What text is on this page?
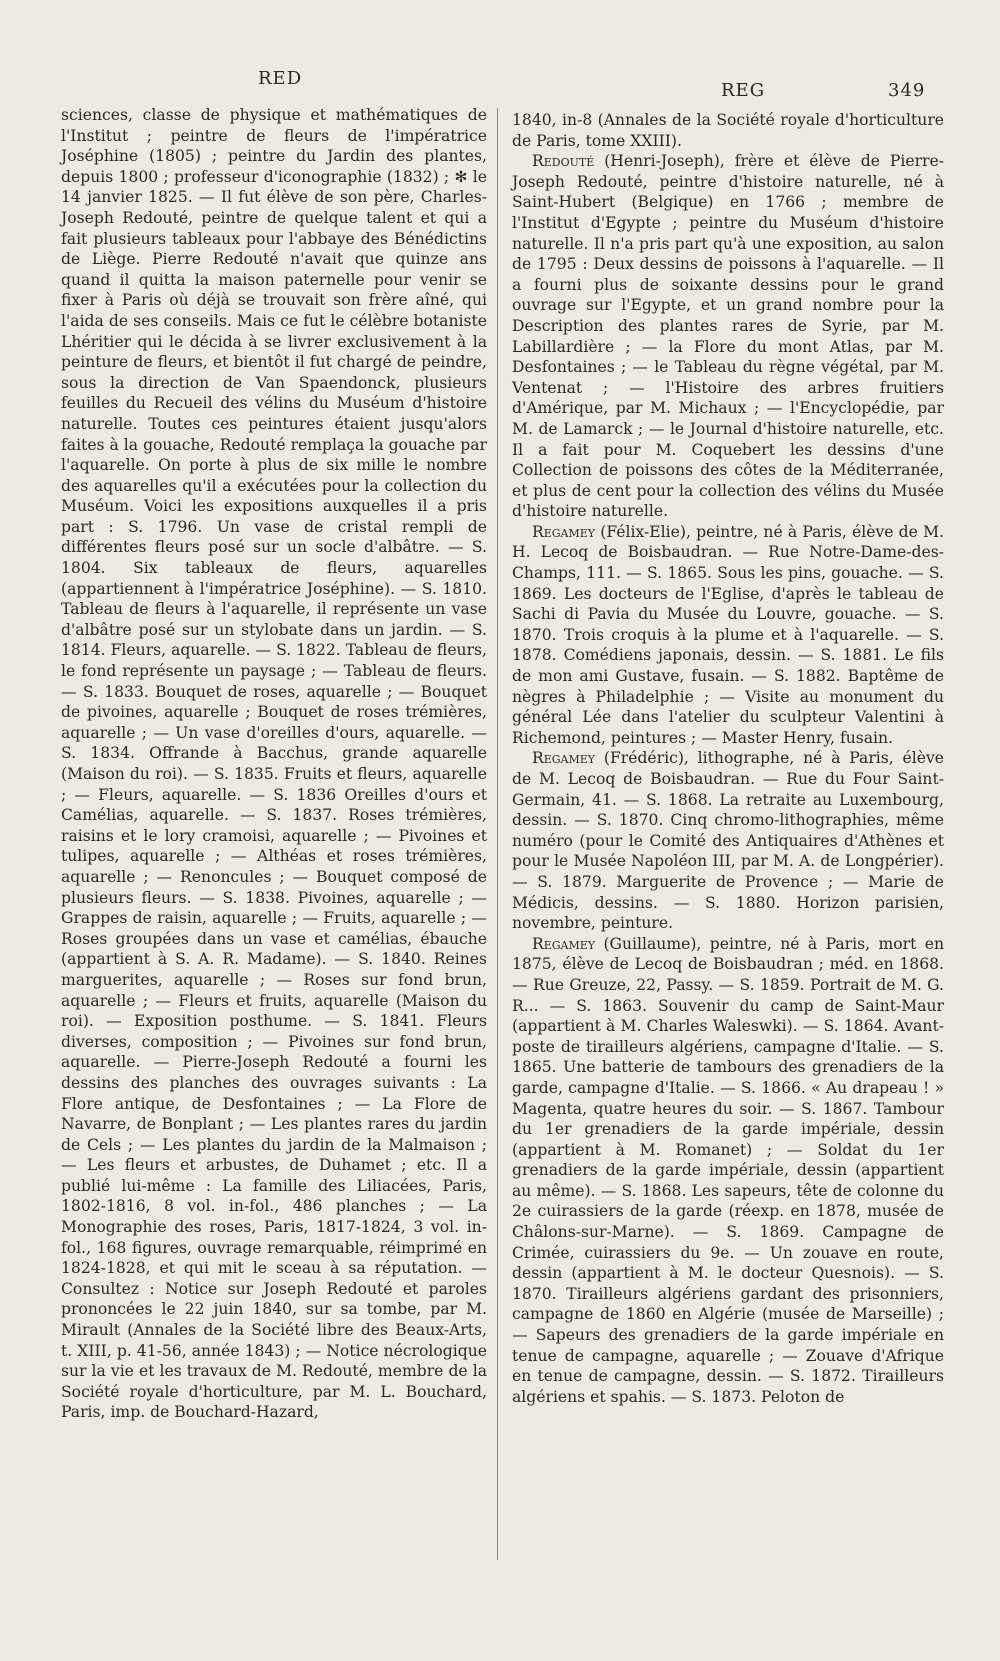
RED
REG	349

sciences, classe de physique et mathématiques de l'Institut ; peintre de fleurs de l'impératrice Joséphine (1805) ; peintre du Jardin des plantes, depuis 1800 ; professeur d'iconographie (1832) ; ✻ le 14 janvier 1825. — Il fut élève de son père, Charles-Joseph Redouté, peintre de quelque talent et qui a fait plusieurs tableaux pour l'abbaye des Bénédictins de Liège. Pierre Redouté n'avait que quinze ans quand il quitta la maison paternelle pour venir se fixer à Paris où déjà se trouvait son frère aîné, qui l'aida de ses conseils. Mais ce fut le célèbre botaniste Lhéritier qui le décida à se livrer exclusivement à la peinture de fleurs, et bientôt il fut chargé de peindre, sous la direction de Van Spaendonck, plusieurs feuilles du Recueil des vélins du Muséum d'histoire naturelle. Toutes ces peintures étaient jusqu'alors faites à la gouache, Redouté remplaça la gouache par l'aquarelle. On porte à plus de six mille le nombre des aquarelles qu'il a exécutées pour la collection du Muséum. Voici les expositions auxquelles il a pris part : S. 1796. Un vase de cristal rempli de différentes fleurs posé sur un socle d'albâtre. — S. 1804. Six tableaux de fleurs, aquarelles (appartiennent à l'impératrice Joséphine). — S. 1810. Tableau de fleurs à l'aquarelle, il représente un vase d'albâtre posé sur un stylobate dans un jardin. — S. 1814. Fleurs, aquarelle. — S. 1822. Tableau de fleurs, le fond représente un paysage ; — Tableau de fleurs. — S. 1833. Bouquet de roses, aquarelle ; — Bouquet de pivoines, aquarelle ; Bouquet de roses trémières, aquarelle ; — Un vase d'oreilles d'ours, aquarelle. — S. 1834. Offrande à Bacchus, grande aquarelle (Maison du roi). — S. 1835. Fruits et fleurs, aquarelle ; — Fleurs, aquarelle. — S. 1836 Oreilles d'ours et Camélias, aquarelle. — S. 1837. Roses trémières, raisins et le lory cramoisi, aquarelle ; — Pivoines et tulipes, aquarelle ; — Althéas et roses trémières, aquarelle ; — Renoncules ; — Bouquet composé de plusieurs fleurs. — S. 1838. Pivoines, aquarelle ; — Grappes de raisin, aquarelle ; — Fruits, aquarelle ; — Roses groupées dans un vase et camélias, ébauche (appartient à S. A. R. Madame). — S. 1840. Reines marguerites, aquarelle ; — Roses sur fond brun, aquarelle ; — Fleurs et fruits, aquarelle (Maison du roi). — Exposition posthume. — S. 1841. Fleurs diverses, composition ; — Pivoines sur fond brun, aquarelle. — Pierre-Joseph Redouté a fourni les dessins des planches des ouvrages suivants : La Flore antique, de Desfontaines ; — La Flore de Navarre, de Bonplant ; — Les plantes rares du jardin de Cels ; — Les plantes du jardin de la Malmaison ; — Les fleurs et arbustes, de Duhamet ; etc. Il a publié lui-même : La famille des Liliacées, Paris, 1802-1816, 8 vol. in-fol., 486 planches ; — La Monographie des roses, Paris, 1817-1824, 3 vol. in-fol., 168 figures, ouvrage remarquable, réimprimé en 1824-1828, et qui mit le sceau à sa réputation. — Consultez : Notice sur Joseph Redouté et paroles prononcées le 22 juin 1840, sur sa tombe, par M. Mirault (Annales de la Société libre des Beaux-Arts, t. XIII, p. 41-56, année 1843) ; — Notice nécrologique sur la vie et les travaux de M. Redouté, membre de la Société royale d'horticulture, par M. L. Bouchard, Paris, imp. de Bouchard-Hazard,

1840, in-8 (Annales de la Société royale d'horticulture de Paris, tome XXIII).

Redouté (Henri-Joseph), frère et élève de Pierre-Joseph Redouté, peintre d'histoire naturelle, né à Saint-Hubert (Belgique) en 1766 ; membre de l'Institut d'Egypte ; peintre du Muséum d'histoire naturelle. Il n'a pris part qu'à une exposition, au salon de 1795 : Deux dessins de poissons à l'aquarelle. — Il a fourni plus de soixante dessins pour le grand ouvrage sur l'Egypte, et un grand nombre pour la Description des plantes rares de Syrie, par M. Labillardière ; — la Flore du mont Atlas, par M. Desfontaines ; — le Tableau du règne végétal, par M. Ventenat ; — l'Histoire des arbres fruitiers d'Amérique, par M. Michaux ; — l'Encyclopédie, par M. de Lamarck ; — le Journal d'histoire naturelle, etc. Il a fait pour M. Coquebert les dessins d'une Collection de poissons des côtes de la Méditerranée, et plus de cent pour la collection des vélins du Musée d'histoire naturelle.

Regamey (Félix-Elie), peintre, né à Paris, élève de M. H. Lecoq de Boisbaudran. — Rue Notre-Dame-des-Champs, 111. — S. 1865. Sous les pins, gouache. — S. 1869. Les docteurs de l'Eglise, d'après le tableau de Sachi di Pavia du Musée du Louvre, gouache. — S. 1870. Trois croquis à la plume et à l'aquarelle. — S. 1878. Comédiens japonais, dessin. — S. 1881. Le fils de mon ami Gustave, fusain. — S. 1882. Baptême de nègres à Philadelphie ; — Visite au monument du général Lée dans l'atelier du sculpteur Valentini à Richemond, peintures ; — Master Henry, fusain.

Regamey (Frédéric), lithographe, né à Paris, élève de M. Lecoq de Boisbaudran. — Rue du Four Saint-Germain, 41. — S. 1868. La retraite au Luxembourg, dessin. — S. 1870. Cinq chromo-lithographies, même numéro (pour le Comité des Antiquaires d'Athènes et pour le Musée Napoléon III, par M. A. de Longpérier). — S. 1879. Marguerite de Provence ; — Marie de Médicis, dessins. — S. 1880. Horizon parisien, novembre, peinture.

Regamey (Guillaume), peintre, né à Paris, mort en 1875, élève de Lecoq de Boisbaudran ; méd. en 1868. — Rue Greuze, 22, Passy. — S. 1859. Portrait de M. G. R... — S. 1863. Souvenir du camp de Saint-Maur (appartient à M. Charles Waleswki). — S. 1864. Avant-poste de tirailleurs algériens, campagne d'Italie. — S. 1865. Une batterie de tambours des grenadiers de la garde, campagne d'Italie. — S. 1866. « Au drapeau ! » Magenta, quatre heures du soir. — S. 1867. Tambour du 1er grenadiers de la garde impériale, dessin (appartient à M. Romanet) ; — Soldat du 1er grenadiers de la garde impériale, dessin (appartient au même). — S. 1868. Les sapeurs, tête de colonne du 2e cuirassiers de la garde (réexp. en 1878, musée de Châlons-sur-Marne). — S. 1869. Campagne de Crimée, cuirassiers du 9e. — Un zouave en route, dessin (appartient à M. le docteur Quesnois). — S. 1870. Tirailleurs algériens gardant des prisonniers, campagne de 1860 en Algérie (musée de Marseille) ; — Sapeurs des grenadiers de la garde impériale en tenue de campagne, aquarelle ; — Zouave d'Afrique en tenue de campagne, dessin. — S. 1872. Tirailleurs algériens et spahis. — S. 1873. Peloton de
